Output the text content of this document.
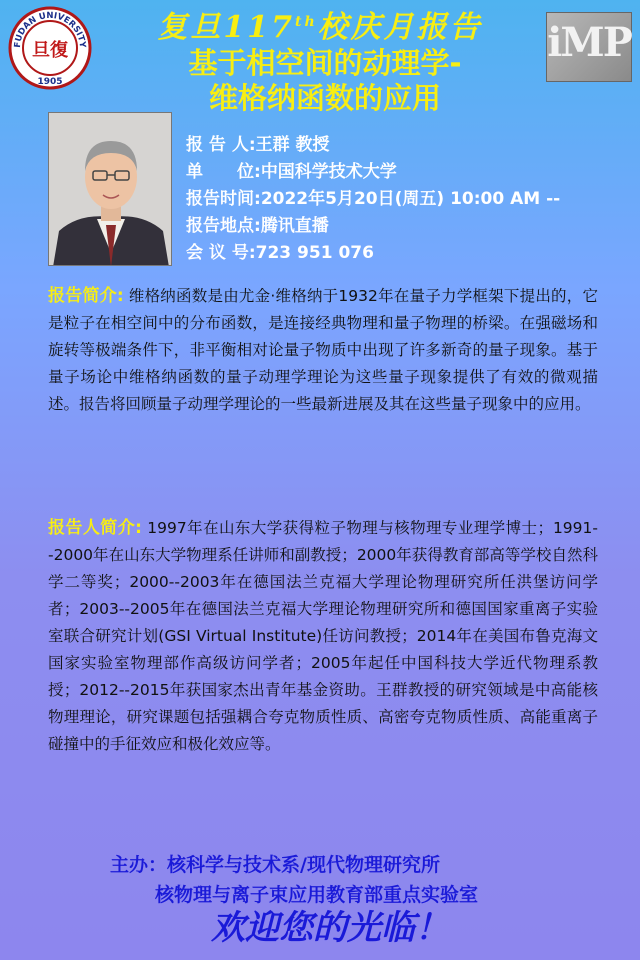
FUDAN UNIVERSITY
旦復
1905
iMP
复旦117th校庆月报告
基于相空间的动理学-
维格纳函数的应用
报 告 人:王群 教授
单　　位:中国科学技术大学
报告时间:2022年5月20日(周五) 10:00 AM --
报告地点:腾讯直播
会 议 号:723 951 076
报告简介: 维格纳函数是由尤金·维格纳于1932年在量子力学框架下提出的，它是粒子在相空间中的分布函数，是连接经典物理和量子物理的桥梁。在强磁场和旋转等极端条件下，非平衡相对论量子物质中出现了许多新奇的量子现象。基于量子场论中维格纳函数的量子动理学理论为这些量子现象提供了有效的微观描述。报告将回顾量子动理学理论的一些最新进展及其在这些量子现象中的应用。
报告人简介: 1997年在山东大学获得粒子物理与核物理专业理学博士；1991--2000年在山东大学物理系任讲师和副教授；2000年获得教育部高等学校自然科学二等奖；2000--2003年在德国法兰克福大学理论物理研究所任洪堡访问学者；2003--2005年在德国法兰克福大学理论物理研究所和德国国家重离子实验室联合研究计划(GSI Virtual Institute)任访问教授；2014年在美国布鲁克海文国家实验室物理部作高级访问学者；2005年起任中国科技大学近代物理系教授；2012--2015年获国家杰出青年基金资助。王群教授的研究领域是中高能核物理理论，研究课题包括强耦合夸克物质性质、高密夸克物质性质、高能重离子碰撞中的手征效应和极化效应等。
主办：核科学与技术系/现代物理研究所
核物理与离子束应用教育部重点实验室
欢迎您的光临！
